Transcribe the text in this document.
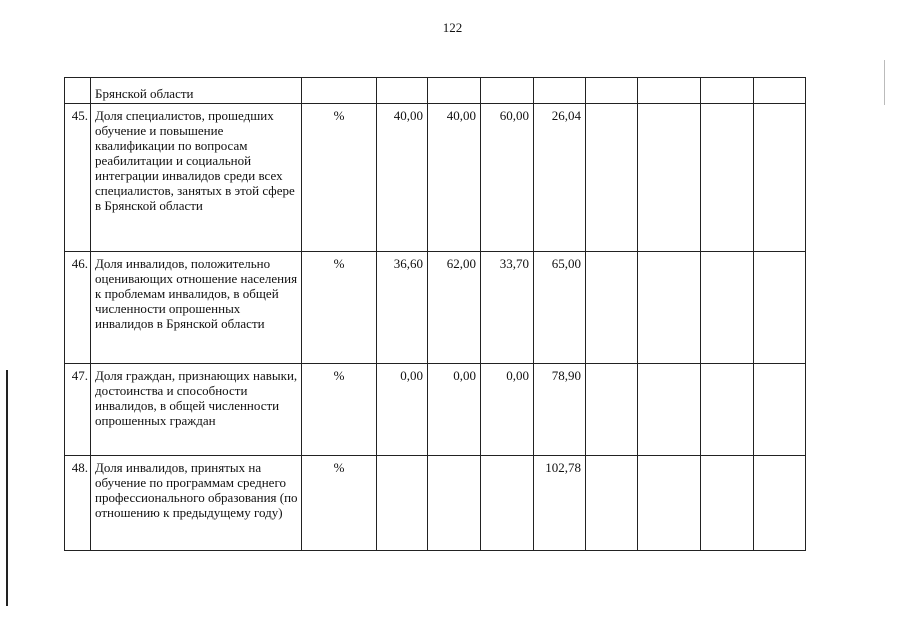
122
	Брянской области									
45.	Доля специалистов, прошедших обучение и повышение квалификации по вопросам реабилитации и социальной интеграции инвалидов среди всех специалистов, занятых в этой сфере в Брянской области	%	40,00	40,00	60,00	26,04				
46.	Доля инвалидов, положительно оценивающих отношение населения к проблемам инвалидов, в общей численности опрошенных инвалидов в Брянской области	%	36,60	62,00	33,70	65,00				
47.	Доля граждан, признающих навыки, достоинства и способности инвалидов, в общей численности опрошенных граждан	%	0,00	0,00	0,00	78,90				
48.	Доля инвалидов, принятых на обучение по программам среднего профессионального образования (по отношению к предыдущему году)	%				102,78				
